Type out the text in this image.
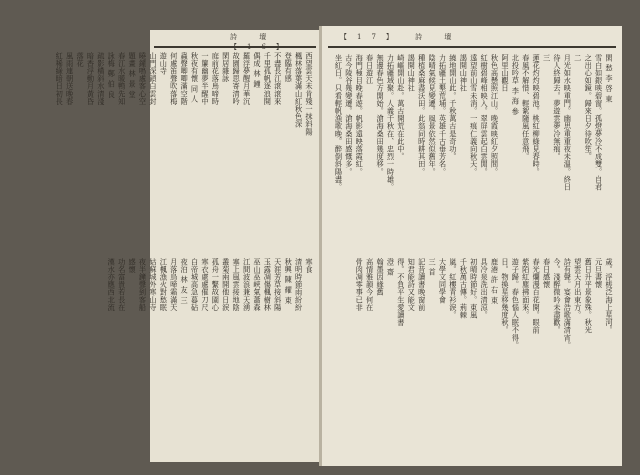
詩 壇
西望雲天未肯殘一抹斜陽
楓林落葉滿山紅秋色深
登臨有感
不盡長江滾滾來
千里孤帆逐浪開
偶成 林 鐘
羅浮夢醒月華沉
故園歸思寄清吟
閑居雜詠
庭前花落鳥啼時
一簾幽夢半醒中
秋夜有懷 同 人
蟲聲唧唧滿空階
何處笛聲吹落梅
遊山寺
山門深鎖白雲封
曉鐘鳴處客心空
題畫 林 景 堂
春江水暖鴨先知
詠梅 鄭 伯 良
疏影橫斜水清淺
暗香浮動月黃昏
落花
風雨連朝送晚春
紅稀綠暗日初長
寒食
清明時節雨紛紛
秋興 陳 耀 東
天涯芳草接斜陽
玉露凋傷楓樹林
巫山巫峽氣蕭森
江間波浪兼天湧
塞上風雲接地陰
叢菊兩開他日淚
孤舟一繫故園心
寒衣處處催刀尺
白帝城高急暮砧
夜泊 林 友 三
月落烏啼霜滿天
江楓漁火對愁眠
姑蘇城外寒山寺
夜半鐘聲到客船
感懷
功名富貴若長在
漢水亦應西北流
【17】 詩 壇
閑 愁 李 啓 東
雪白如銀映碧窗。孤燈夢冷不成雙。自君
之出心如鏡。歸來日夕待吹笙。
二
月光如水映重門。幽思重重夜未溫。終日
待人終歸去。夢遊雲夢冷無痕。
三
蓮花灼灼映碧池。桃紅柳綠見春時。
春風不解惜、輕絮隨風任意飛。
北投吟草 李 海 參
阿里山觀日
秋色高懸照江山。晚霞映紅夕照間。
紅樹碧峰相映入。翠屏雲起白雲閒。
遠望前山雪未消。一痕仁義向秋天。
謁開山神社
繞地開山此。千秋萬古是奇功。
力拓疆土墾荒埔。英雄千古垂芳名。
陰晴氣候見變遷。風景依然似舊年。
種植桑麻盡沃田。此翁同時耕其田。
謁開山神社
崎嶇開山赴。萬古開荒在此中。
力拓疆域聚。人義千秋在、忠烈一時雄。
無邊春色方開始。滄海桑田幾度移。
春日遊江
海門極目晚春遊。帆影遠映落霞紅。
古今陵谷幾變遷。滄海桑田感慨多。
坐紅日。只看輕帆漁歌晚。醉倒斜陽盡。
歲。浮槎泛海上星河。
元旦書懷
舊日升平景象殊。秋光
望雲天月出東方。
詩有聲。宴會浩歌滿清宵。
今。淺醉微吟未盡歡。
春日感懷
春光爛漫百花開。眼前
紫陌紅塵拂面來。
遊子歸。春色惱人眠不得。
日。物換星移幾度秋。
鹿港 許 右 東
具冷泉洗出清涼。
初晴時節好。東風
千秋萬古傳。荊棘
嵐。紅樓青衫淚。
大學文同學會
三 首
記昔讀書晚窗前
知君能詩又能文
得。不負平生愛讀書
澄 齋
翰墨因緣舊
高情雅韻今何在
骨肉凋零事已非
